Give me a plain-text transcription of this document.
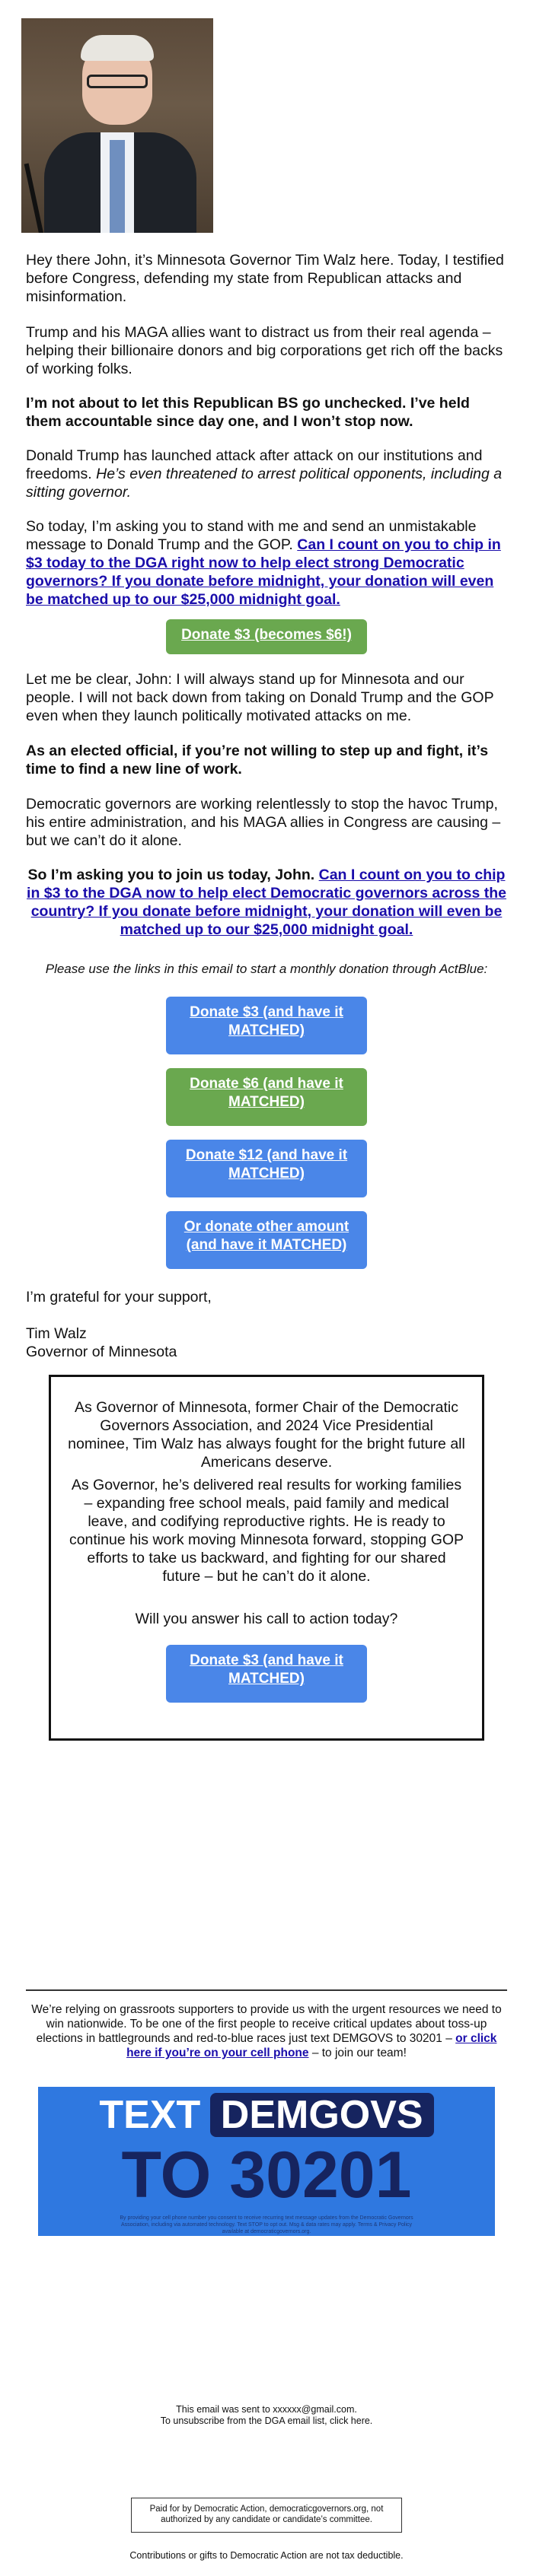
Hey there John, it’s Minnesota Governor Tim Walz here. Today, I testified before Congress, defending my state from Republican attacks and misinformation.

Trump and his MAGA allies want to distract us from their real agenda – helping their billionaire donors and big corporations get rich off the backs of working folks.

I’m not about to let this Republican BS go unchecked. I’ve held them accountable since day one, and I won’t stop now.

Donald Trump has launched attack after attack on our institutions and freedoms. He’s even threatened to arrest political opponents, including a sitting governor.

So today, I’m asking you to stand with me and send an unmistakable message to Donald Trump and the GOP. Can I count on you to chip in $3 today to the DGA right now to help elect strong Democratic governors? If you donate before midnight, your donation will even be matched up to our $25,000 midnight goal.

Donate $3 (becomes $6!)

Let me be clear, John: I will always stand up for Minnesota and our people. I will not back down from taking on Donald Trump and the GOP even when they launch politically motivated attacks on me.

As an elected official, if you’re not willing to step up and fight, it’s time to find a new line of work.

Democratic governors are working relentlessly to stop the havoc Trump, his entire administration, and his MAGA allies in Congress are causing – but we can’t do it alone.

So I’m asking you to join us today, John. Can I count on you to chip in $3 to the DGA now to help elect Democratic governors across the country? If you donate before midnight, your donation will even be matched up to our $25,000 midnight goal.

Please use the links in this email to start a monthly donation through ActBlue:

Donate $3 (and have it MATCHED)
Donate $6 (and have it MATCHED)
Donate $12 (and have it MATCHED)
Or donate other amount (and have it MATCHED)

I’m grateful for your support,

Tim Walz

Governor of Minnesota

As Governor of Minnesota, former Chair of the Democratic Governors Association, and 2024 Vice Presidential nominee, Tim Walz has always fought for the bright future all Americans deserve.

As Governor, he’s delivered real results for working families – expanding free school meals, paid family and medical leave, and codifying reproductive rights. He is ready to continue his work moving Minnesota forward, stopping GOP efforts to take us backward, and fighting for our shared future – but he can’t do it alone.

Will you answer his call to action today?

Donate $3 (and have it MATCHED)

We’re relying on grassroots supporters to provide us with the urgent resources we need to win nationwide. To be one of the first people to receive critical updates about toss-up elections in battlegrounds and red-to-blue races just text DEMGOVS to 30201 – or click here if you’re on your cell phone – to join our team!

TEXT DEMGOVS
TO 30201
By providing your cell phone number you consent to receive recurring text message updates from the Democratic Governors Association, including via automated technology. Text STOP to opt out. Msg & data rates may apply. Terms & Privacy Policy available at democraticgovernors.org.

This email was sent to xxxxxx@gmail.com.

To unsubscribe from the DGA email list, click here.

Paid for by Democratic Action, democraticgovernors.org, not authorized by any candidate or candidate’s committee.

Contributions or gifts to Democratic Action are not tax deductible.
